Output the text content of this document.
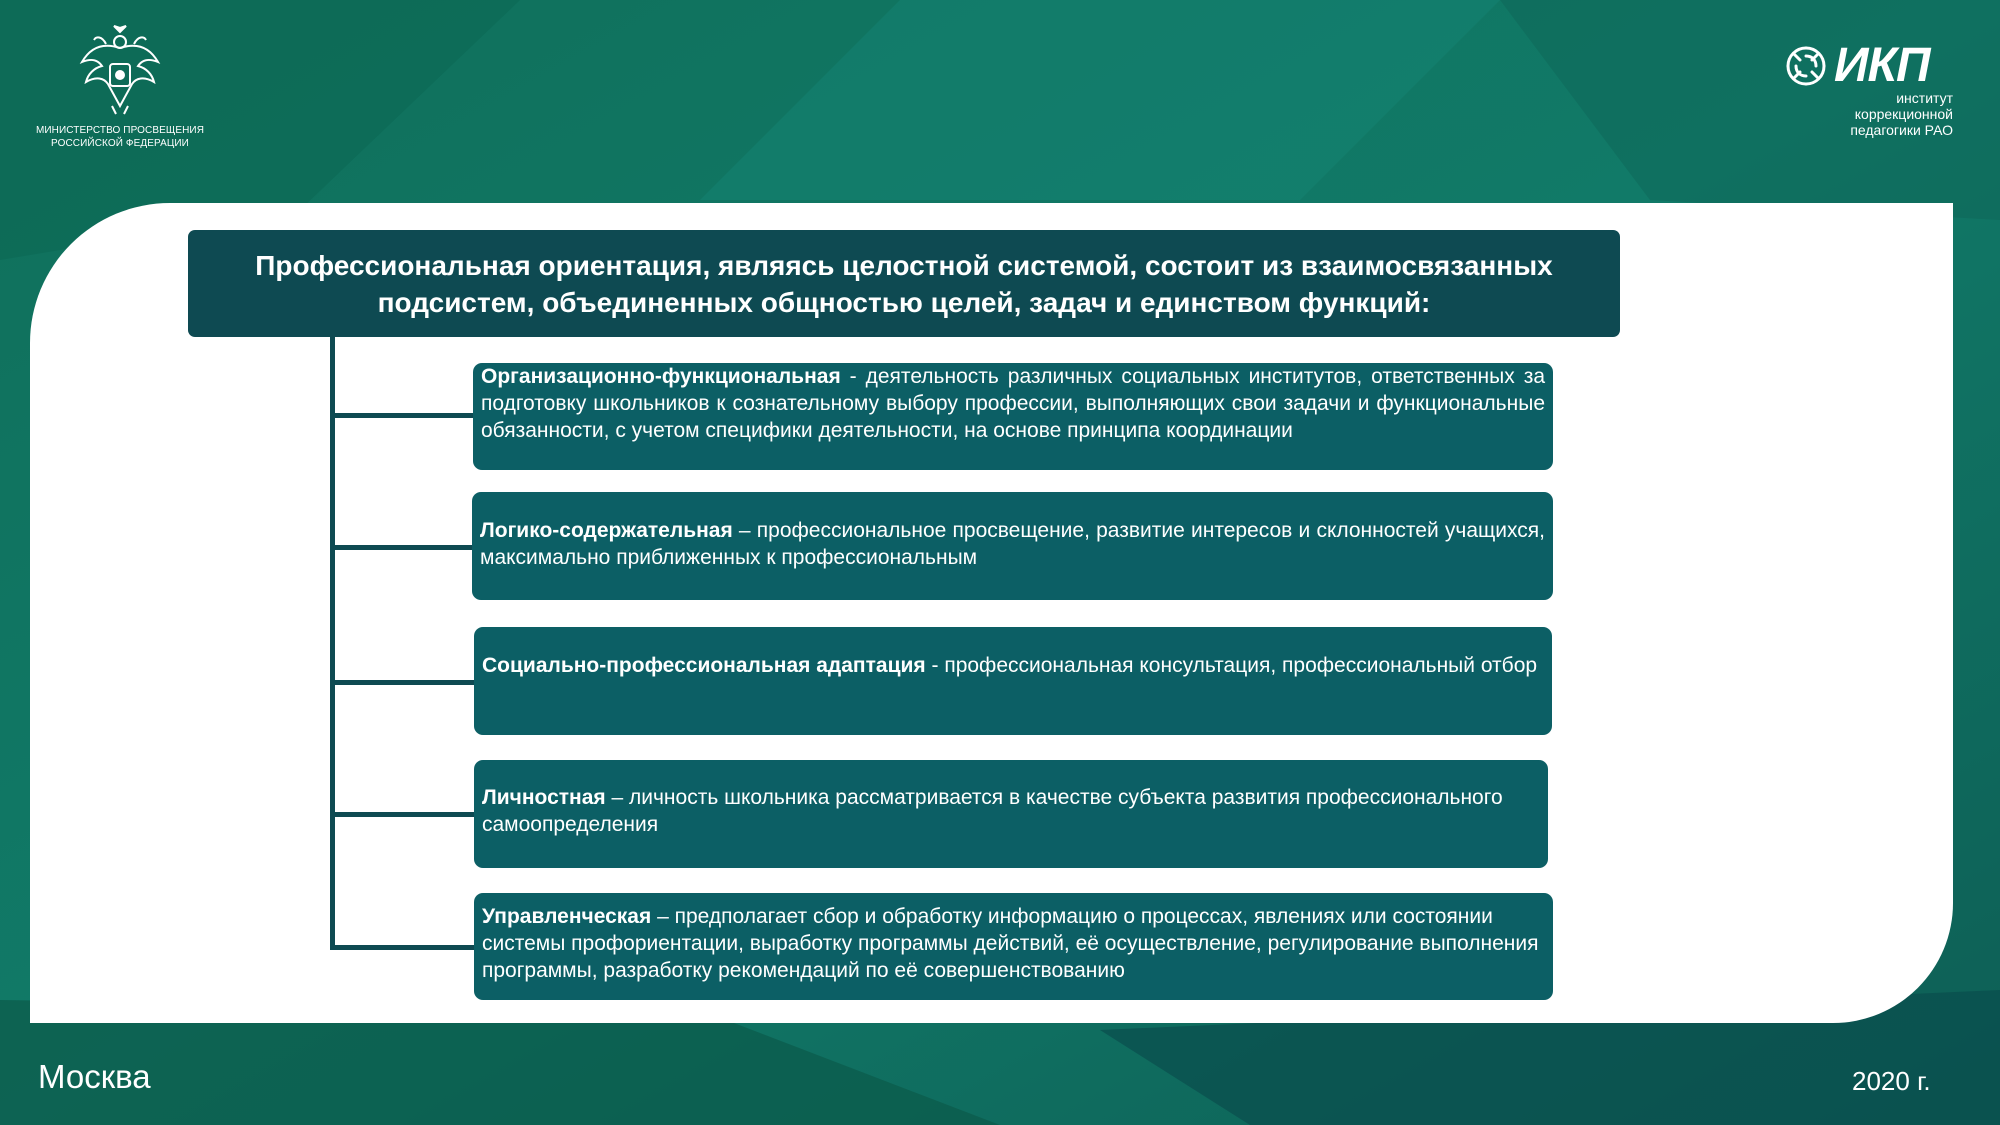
МИНИСТЕРСТВО ПРОСВЕЩЕНИЯ
РОССИЙСКОЙ ФЕДЕРАЦИИ
ИКП
институт
коррекционной
педагогики РАО
Профессиональная ориентация, являясь целостной системой, состоит из взаимосвязанных
подсистем, объединенных общностью целей, задач и единством функций:
Организационно-функциональная - деятельность различных социальных институтов, ответственных за подготовку школьников к сознательному выбору профессии, выполняющих свои задачи и функциональные обязанности, с учетом специфики деятельности, на основе принципа координации
Логико-содержательная – профессиональное просвещение, развитие интересов и склонностей учащихся, максимально приближенных к профессиональным
Социально-профессиональная адаптация - профессиональная консультация, профессиональный отбор
Личностная – личность школьника рассматривается в качестве субъекта развития профессионального самоопределения
Управленческая – предполагает сбор и обработку информацию о процессах, явлениях или состоянии системы профориентации, выработку программы действий, её осуществление, регулирование выполнения программы, разработку рекомендаций по её совершенствованию
Москва	2020 г.
